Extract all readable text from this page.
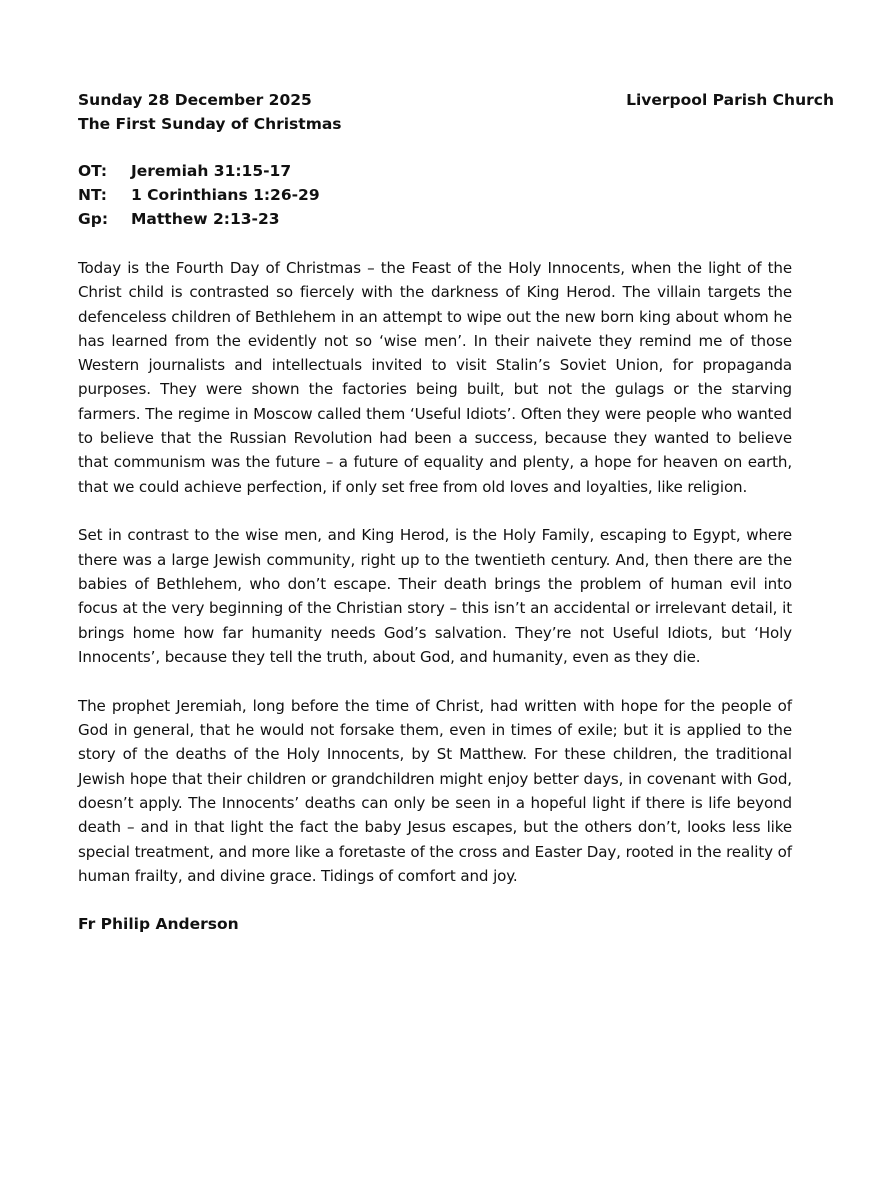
Sunday 28 December 2025	Liverpool Parish Church
The First Sunday of Christmas
OT:	Jeremiah 31:15-17
NT:	1 Corinthians 1:26-29
Gp:	Matthew 2:13-23

Today is the Fourth Day of Christmas – the Feast of the Holy Innocents, when the light of the Christ child is contrasted so fiercely with the darkness of King Herod. The villain targets the defenceless children of Bethlehem in an attempt to wipe out the new born king about whom he has learned from the evidently not so ‘wise men’. In their naivete they remind me of those Western journalists and intellectuals invited to visit Stalin’s Soviet Union, for propaganda purposes. They were shown the factories being built, but not the gulags or the starving farmers. The regime in Moscow called them ‘Useful Idiots’. Often they were people who wanted to believe that the Russian Revolution had been a success, because they wanted to believe that communism was the future – a future of equality and plenty, a hope for heaven on earth, that we could achieve perfection, if only set free from old loves and loyalties, like religion.

Set in contrast to the wise men, and King Herod, is the Holy Family, escaping to Egypt, where there was a large Jewish community, right up to the twentieth century. And, then there are the babies of Bethlehem, who don’t escape. Their death brings the problem of human evil into focus at the very beginning of the Christian story – this isn’t an accidental or irrelevant detail, it brings home how far humanity needs God’s salvation. They’re not Useful Idiots, but ‘Holy Innocents’, because they tell the truth, about God, and humanity, even as they die.

The prophet Jeremiah, long before the time of Christ, had written with hope for the people of God in general, that he would not forsake them, even in times of exile; but it is applied to the story of the deaths of the Holy Innocents, by St Matthew. For these children, the traditional Jewish hope that their children or grandchildren might enjoy better days, in covenant with God, doesn’t apply. The Innocents’ deaths can only be seen in a hopeful light if there is life beyond death – and in that light the fact the baby Jesus escapes, but the others don’t, looks less like special treatment, and more like a foretaste of the cross and Easter Day, rooted in the reality of human frailty, and divine grace. Tidings of comfort and joy.

Fr Philip Anderson
